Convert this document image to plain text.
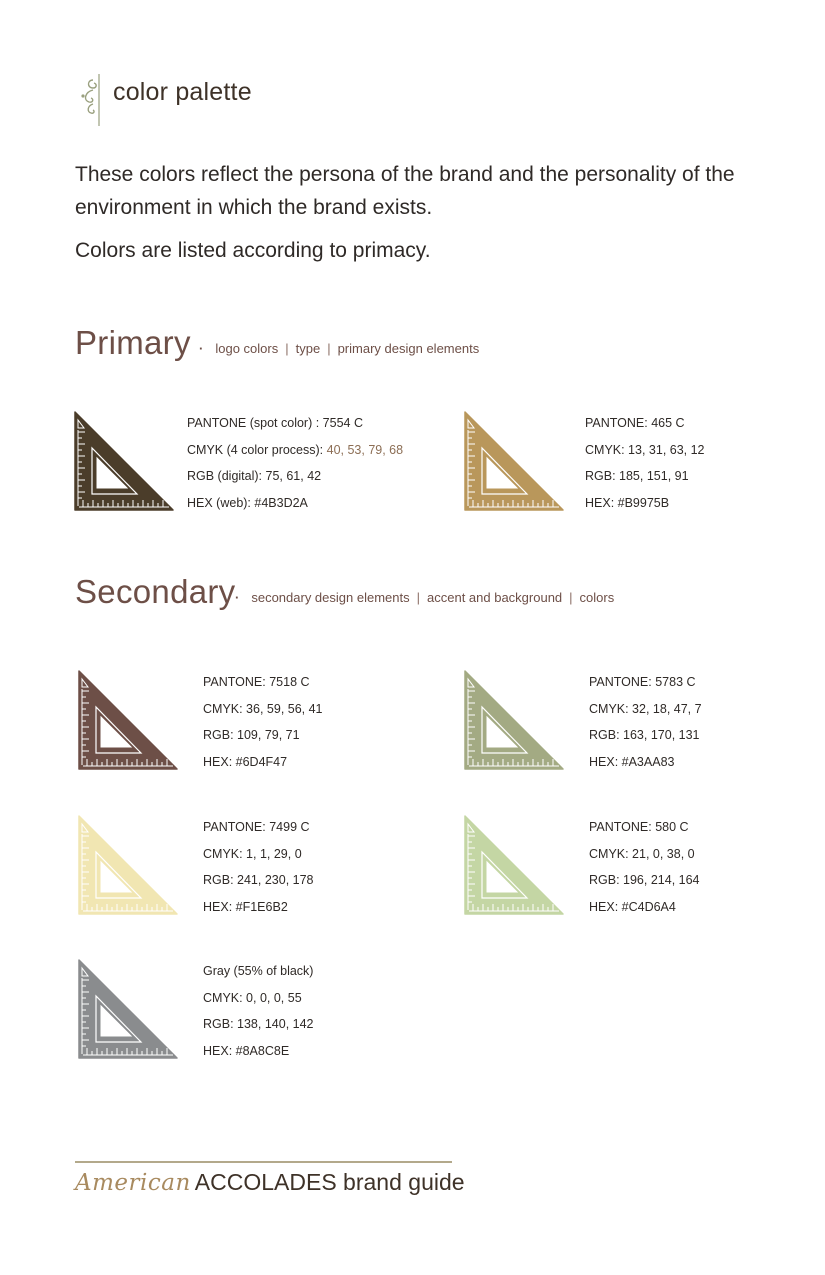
color palette

These colors reflect the persona of the brand and the personality of the environment in which the brand exists.

Colors are listed according to primacy.

Primary · logo colors | type | primary design elements
PANTONE (spot color) : 7554 C
CMYK (4 color process): 40, 53, 79, 68
RGB (digital): 75, 61, 42
HEX (web): #4B3D2A
PANTONE: 465 C
CMYK: 13, 31, 63, 12
RGB: 185, 151, 91
HEX: #B9975B
Secondary · secondary design elements | accent and background | colors
PANTONE: 7518 C
CMYK: 36, 59, 56, 41
RGB: 109, 79, 71
HEX: #6D4F47
PANTONE: 5783 C
CMYK: 32, 18, 47, 7
RGB: 163, 170, 131
HEX: #A3AA83
PANTONE: 7499 C
CMYK: 1, 1, 29, 0
RGB: 241, 230, 178
HEX: #F1E6B2
PANTONE: 580 C
CMYK: 21, 0, 38, 0
RGB: 196, 214, 164
HEX: #C4D6A4
Gray (55% of black)
CMYK: 0, 0, 0, 55
RGB: 138, 140, 142
HEX: #8A8C8E
American ACCOLADES brand guide
